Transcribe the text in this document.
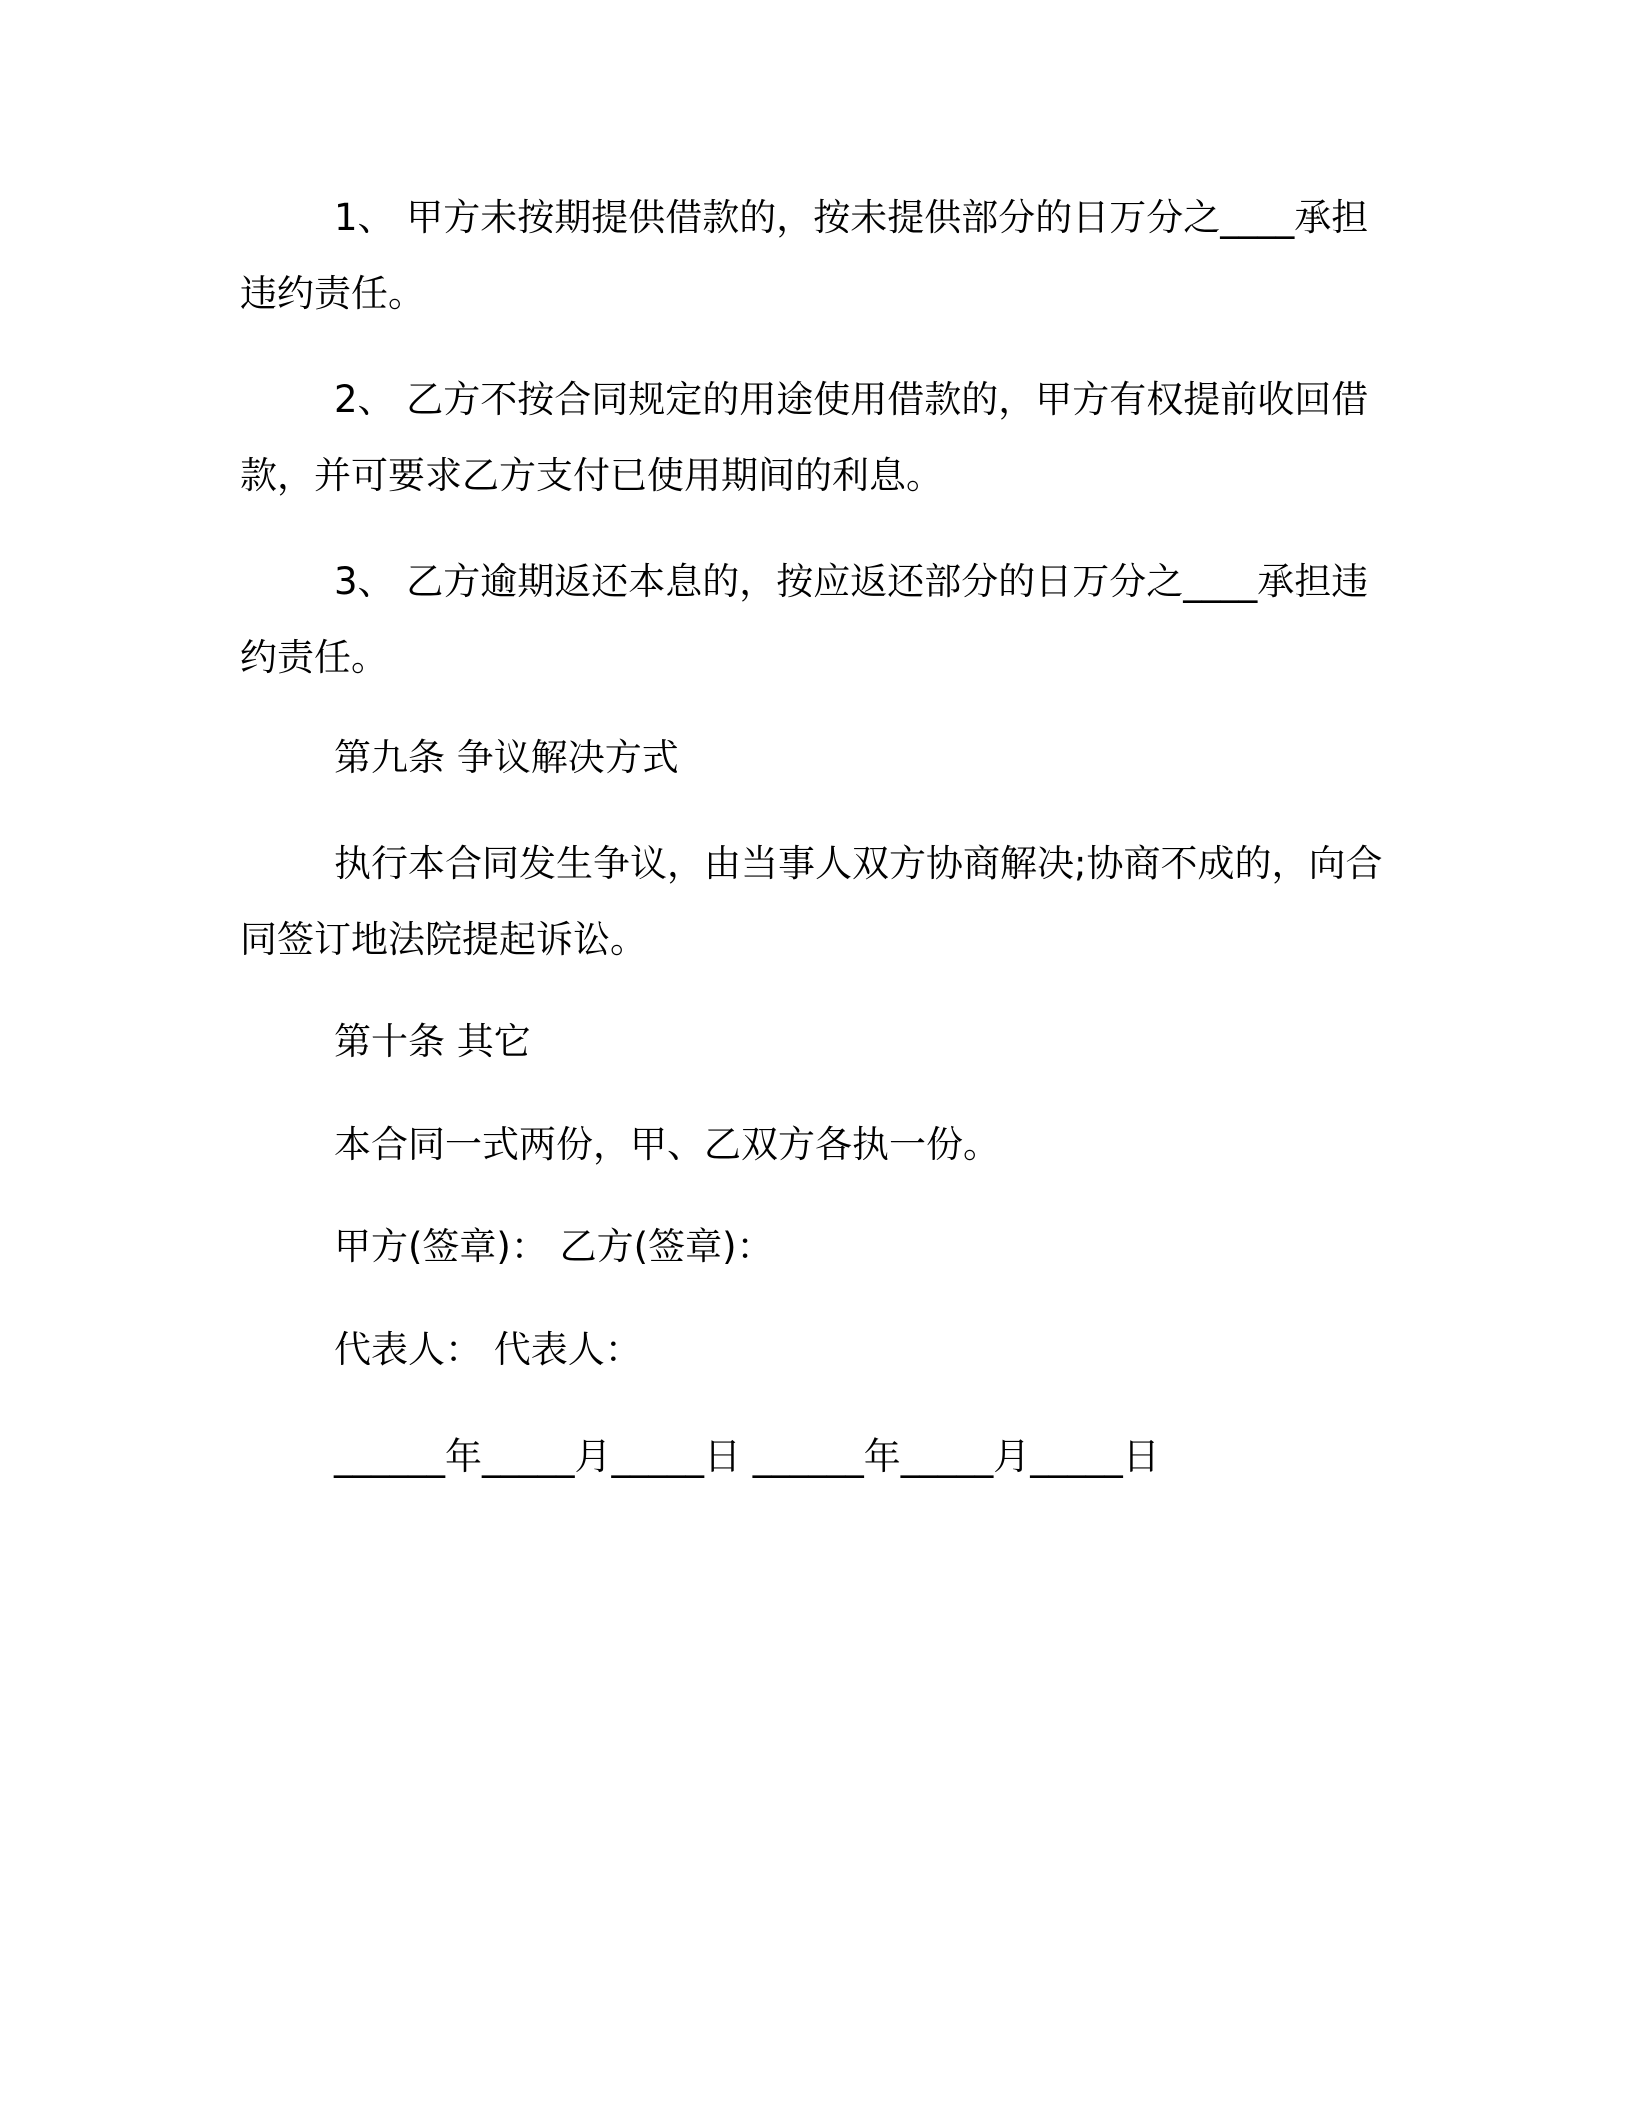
1、 甲方未按期提供借款的，按未提供部分的日万分之____承担违约责任。

2、 乙方不按合同规定的用途使用借款的，甲方有权提前收回借款，并可要求乙方支付已使用期间的利息。

3、 乙方逾期返还本息的，按应返还部分的日万分之____承担违约责任。

第九条 争议解决方式

执行本合同发生争议，由当事人双方协商解决;协商不成的，向合同签订地法院提起诉讼。

第十条 其它

本合同一式两份，甲、乙双方各执一份。

甲方(签章)： 乙方(签章)：

代表人： 代表人：

______年_____月_____日 ______年_____月_____日
